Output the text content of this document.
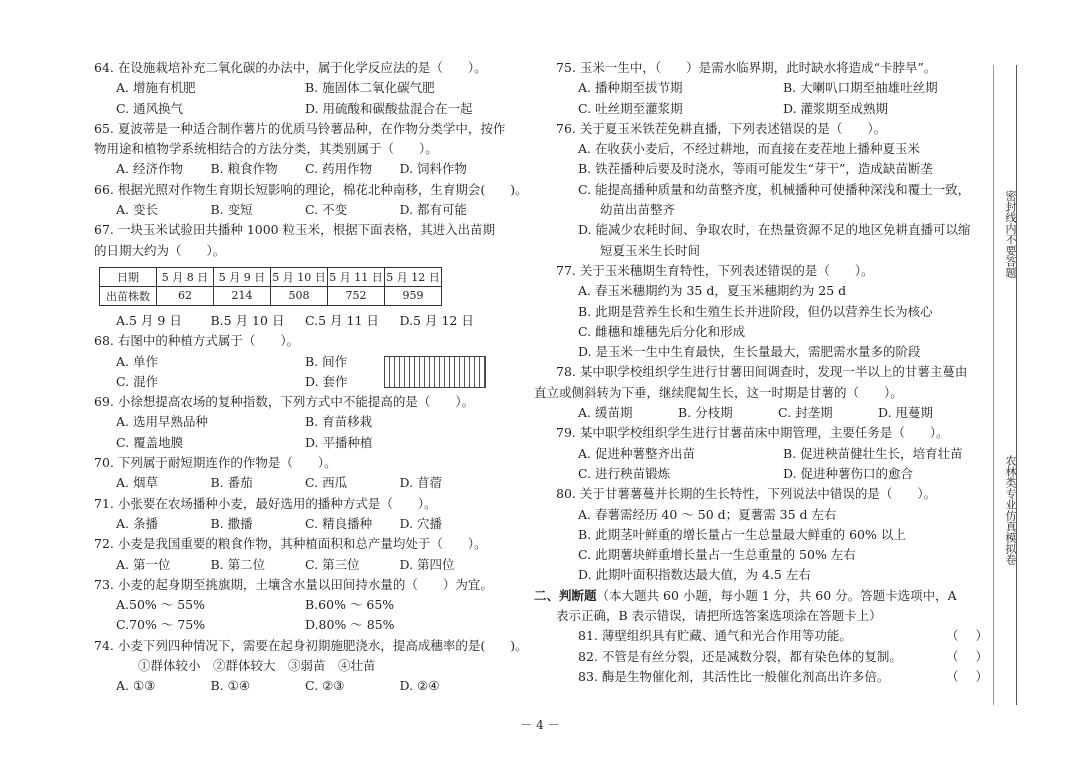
64. 在设施栽培补充二氧化碳的办法中，属于化学反应法的是（　　）。
A. 增施有机肥	B. 施固体二氧化碳气肥
C. 通风换气	D. 用硫酸和碳酸盐混合在一起
65. 夏波蒂是一种适合制作薯片的优质马铃薯品种，在作物分类学中，按作
物用途和植物学系统相结合的方法分类，其类别属于（　　）。
A. 经济作物	B. 粮食作物	C. 药用作物	D. 饲料作物
66. 根据光照对作物生育期长短影响的理论，棉花北种南移，生育期会(　　)。
A. 变长	B. 变短	C. 不变	D. 都有可能
67. 一块玉米试验田共播种 1000 粒玉米，根据下面表格，其进入出苗期
的日期大约为（　　）。
日期	5 月 8 日	5 月 9 日	5 月 10 日	5 月 11 日	5 月 12 日
出苗株数	62	214	508	752	959
A.5 月 9 日	B.5 月 10 日	C.5 月 11 日	D.5 月 12 日
68. 右图中的种植方式属于（　　）。
A. 单作	B. 间作
C. 混作	D. 套作
69. 小徐想提高农场的复种指数，下列方式中不能提高的是（　　）。
A. 选用早熟品种	B. 育苗移栽
C. 覆盖地膜	D. 平播种植
70. 下列属于耐短期连作的作物是（　　）。
A. 烟草	B. 番茄	C. 西瓜	D. 苜蓿
71. 小张要在农场播种小麦，最好选用的播种方式是（　　）。
A. 条播	B. 撒播	C. 精良播种	D. 穴播
72. 小麦是我国重要的粮食作物，其种植面积和总产量均处于（　　）。
A. 第一位	B. 第二位	C. 第三位	D. 第四位
73. 小麦的起身期至挑旗期，土壤含水量以田间持水量的（　　）为宜。
A.50% ～ 55%	B.60% ～ 65%
C.70% ～ 75%	D.80% ～ 85%
74. 小麦下列四种情况下，需要在起身初期施肥浇水，提高成穗率的是(　　)。
①群体较小　②群体较大　③弱苗　④壮苗
A. ①③	B. ①④	C. ②③	D. ②④
75. 玉米一生中，（　　）是需水临界期，此时缺水将造成“卡脖旱”。
A. 播种期至拔节期	B. 大喇叭口期至抽雄吐丝期
C. 吐丝期至灌浆期	D. 灌浆期至成熟期
76. 关于夏玉米铁茬免耕直播，下列表述错误的是（　　）。
A. 在收获小麦后，不经过耕地，而直接在麦茬地上播种夏玉米
B. 铁茬播种后要及时浇水，等雨可能发生“芽干”，造成缺苗断垄
C. 能提高播种质量和幼苗整齐度，机械播种可使播种深浅和覆土一致，
幼苗出苗整齐
D. 能减少农耗时间、争取农时，在热量资源不足的地区免耕直播可以缩
短夏玉米生长时间
77. 关于玉米穗期生育特性，下列表述错误的是（　　）。
A. 春玉米穗期约为 35 d，夏玉米穗期约为 25 d
B. 此期是营养生长和生殖生长并进阶段，但仍以营养生长为核心
C. 雌穗和雄穗先后分化和形成
D. 是玉米一生中生育最快，生长量最大，需肥需水量多的阶段
78. 某中职学校组织学生进行甘薯田间调查时，发现一半以上的甘薯主蔓由
直立或侧斜转为下垂，继续爬匐生长，这一时期是甘薯的（　　）。
A. 缓苗期	B. 分枝期	C. 封垄期	D. 甩蔓期
79. 某中职学校组织学生进行甘薯苗床中期管理，主要任务是（　　）。
A. 促进种薯整齐出苗	B. 促进秧苗健壮生长，培育壮苗
C. 进行秧苗锻炼	D. 促进种薯伤口的愈合
80. 关于甘薯薯蔓并长期的生长特性，下列说法中错误的是（　　）。
A. 春薯需经历 40 ～ 50 d；夏薯需 35 d 左右
B. 此期茎叶鲜重的增长量占一生总量最大鲜重的 60% 以上
C. 此期薯块鲜重增长量占一生总重量的 50% 左右
D. 此期叶面积指数达最大值，为 4.5 左右
二、判断题（本大题共 60 小题，每小题 1 分，共 60 分。答题卡选项中，A
表示正确，B 表示错误，请把所选答案选项涂在答题卡上）
81. 薄壁组织具有贮藏、通气和光合作用等功能。	（ ）
82. 不管是有丝分裂，还是减数分裂，都有染色体的复制。	（ ）
83. 酶是生物催化剂，其活性比一般催化剂高出许多倍。	（ ）
密封线内不要答题
农林类专业仿真模拟卷
－ 4 －
